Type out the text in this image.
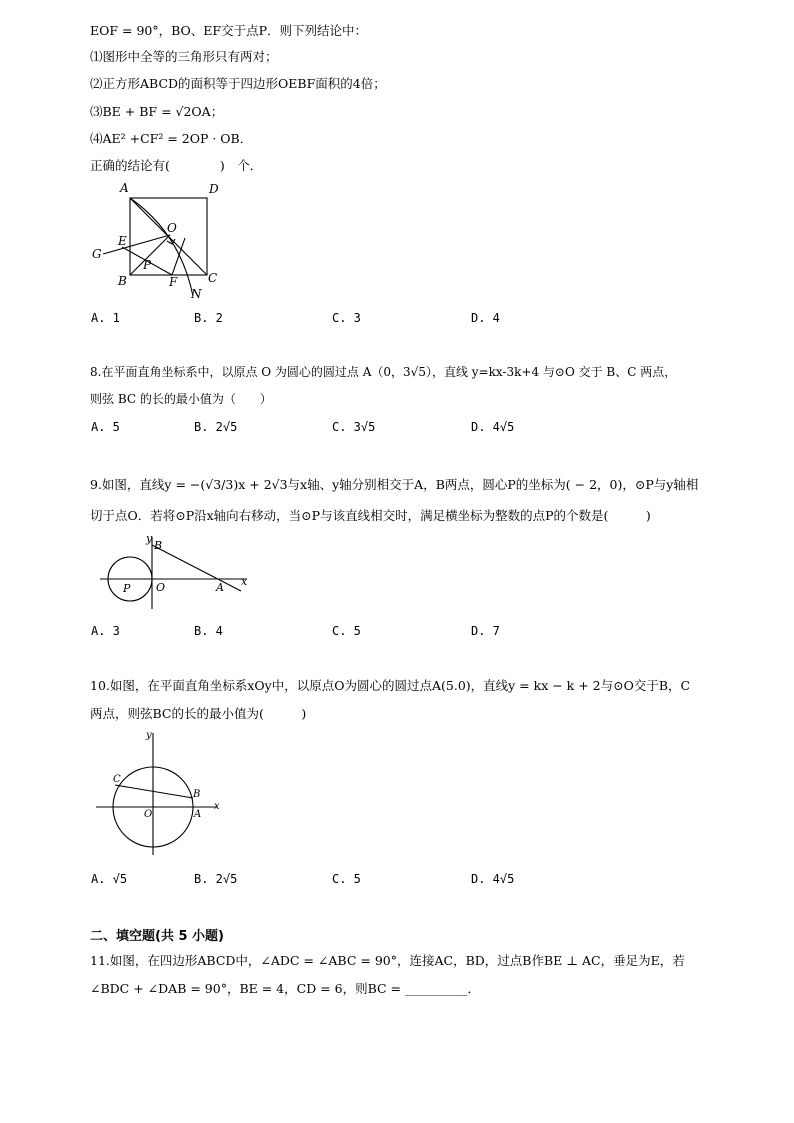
EOF = 90°，BO、EF交于点P．则下列结论中：
⑴图形中全等的三角形只有两对；
⑵正方形ABCD的面积等于四边形OEBF面积的4倍；
⑶BE + BF = √2OA；
⑷AE² +CF² = 2OP · OB．
正确的结论有(　　　　)　个．
A	D
O
E
G
B
P
F	C
N
A. 1	B. 2	C. 3	D. 4
8.在平面直角坐标系中，以原点 O 为圆心的圆过点 A（0，3√5），直线 y=kx-3k+4 与⊙O 交于 B、C 两点，
则弦 BC 的长的最小值为（　　）
A. 5	B. 2√5	C. 3√5	D. 4√5
9.如图，直线y = −(√3/3)x + 2√3与x轴、y轴分别相交于A，B两点，圆心P的坐标为( − 2，0)，⊙P与y轴相
切于点O．若将⊙P沿x轴向右移动，当⊙P与该直线相交时，满足横坐标为整数的点P的个数是(　　　)
y
B
P O	A x
A. 3	B. 4	C. 5	D. 7
10.如图，在平面直角坐标系xOy中，以原点O为圆心的圆过点A(5.0)，直线y = kx − k + 2与⊙O交于B，C
两点，则弦BC的长的最小值为(　　　)
y
C
B
O	A
x
A. √5	B. 2√5	C. 5	D. 4√5
二、填空题(共 5 小题)
11.如图，在四边形ABCD中，∠ADC = ∠ABC = 90°，连接AC，BD，过点B作BE ⊥ AC，垂足为E，若
∠BDC + ∠DAB = 90°，BE = 4，CD = 6，则BC = __________．
